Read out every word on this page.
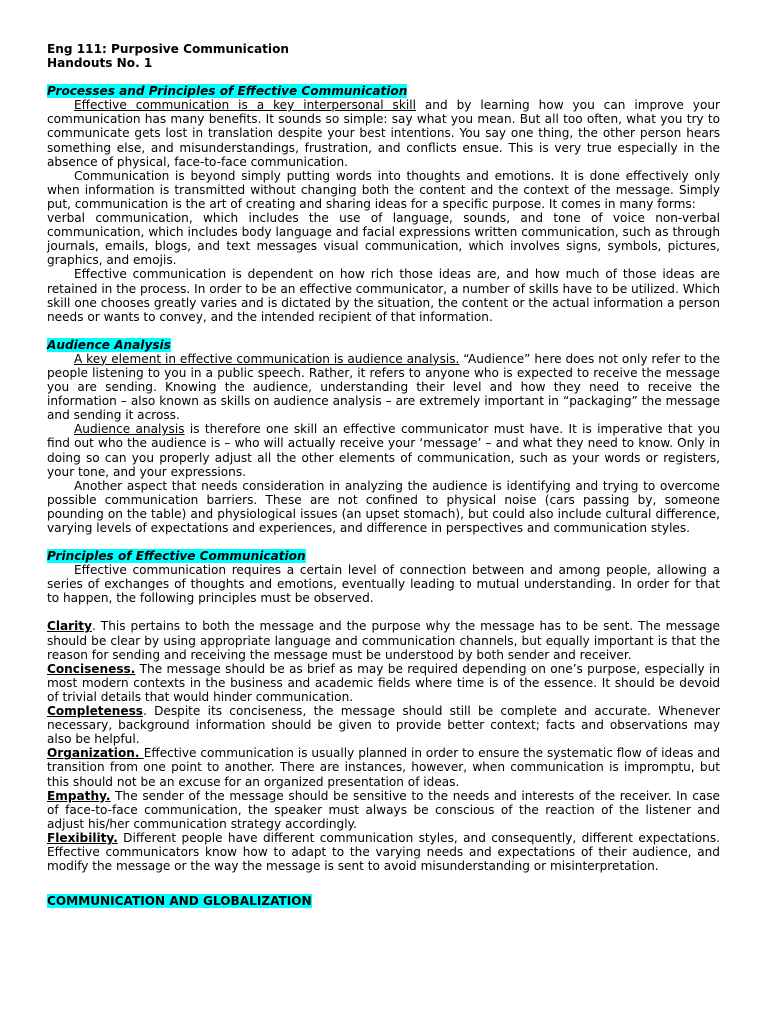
Eng 111: Purposive Communication

Handouts No. 1

Processes and Principles of Effective Communication

Effective communication is a key interpersonal skill and by learning how you can improve your communication has many benefits. It sounds so simple: say what you mean. But all too often, what you try to communicate gets lost in translation despite your best intentions. You say one thing, the other person hears something else, and misunderstandings, frustration, and conflicts ensue. This is very true especially in the absence of physical, face-to-face communication.

Communication is beyond simply putting words into thoughts and emotions. It is done effectively only when information is transmitted without changing both the content and the context of the message. Simply put, communication is the art of creating and sharing ideas for a specific purpose. It comes in many forms:

verbal communication, which includes the use of language, sounds, and tone of voice non-verbal communication, which includes body language and facial expressions written communication, such as through journals, emails, blogs, and text messages visual communication, which involves signs, symbols, pictures, graphics, and emojis.

Effective communication is dependent on how rich those ideas are, and how much of those ideas are retained in the process. In order to be an effective communicator, a number of skills have to be utilized. Which skill one chooses greatly varies and is dictated by the situation, the content or the actual information a person needs or wants to convey, and the intended recipient of that information.

Audience Analysis

A key element in effective communication is audience analysis. “Audience” here does not only refer to the people listening to you in a public speech. Rather, it refers to anyone who is expected to receive the message you are sending. Knowing the audience, understanding their level and how they need to receive the information – also known as skills on audience analysis – are extremely important in “packaging” the message and sending it across.

Audience analysis is therefore one skill an effective communicator must have. It is imperative that you find out who the audience is – who will actually receive your ‘message’ – and what they need to know. Only in doing so can you properly adjust all the other elements of communication, such as your words or registers, your tone, and your expressions.

Another aspect that needs consideration in analyzing the audience is identifying and trying to overcome possible communication barriers. These are not confined to physical noise (cars passing by, someone pounding on the table) and physiological issues (an upset stomach), but could also include cultural difference, varying levels of expectations and experiences, and difference in perspectives and communication styles.

Principles of Effective Communication

Effective communication requires a certain level of connection between and among people, allowing a series of exchanges of thoughts and emotions, eventually leading to mutual understanding. In order for that to happen, the following principles must be observed.

Clarity. This pertains to both the message and the purpose why the message has to be sent. The message should be clear by using appropriate language and communication channels, but equally important is that the reason for sending and receiving the message must be understood by both sender and receiver.

Conciseness. The message should be as brief as may be required depending on one’s purpose, especially in most modern contexts in the business and academic fields where time is of the essence. It should be devoid of trivial details that would hinder communication.

Completeness. Despite its conciseness, the message should still be complete and accurate. Whenever necessary, background information should be given to provide better context; facts and observations may also be helpful.

Organization. Effective communication is usually planned in order to ensure the systematic flow of ideas and transition from one point to another. There are instances, however, when communication is impromptu, but this should not be an excuse for an organized presentation of ideas.

Empathy. The sender of the message should be sensitive to the needs and interests of the receiver. In case of face-to-face communication, the speaker must always be conscious of the reaction of the listener and adjust his/her communication strategy accordingly.

Flexibility. Different people have different communication styles, and consequently, different expectations. Effective communicators know how to adapt to the varying needs and expectations of their audience, and modify the message or the way the message is sent to avoid misunderstanding or misinterpretation.

COMMUNICATION AND GLOBALIZATION
